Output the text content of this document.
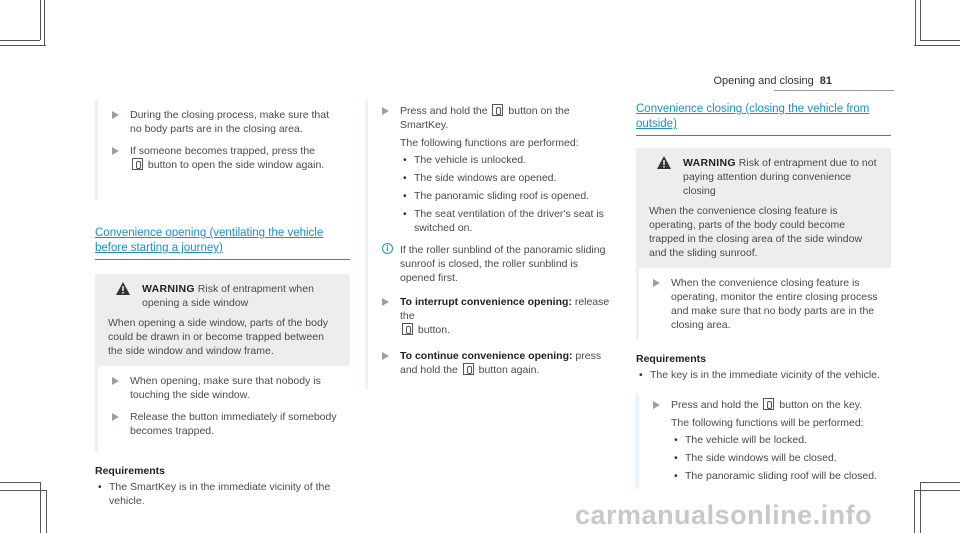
Opening and closing 81
During the closing process, make sure that no body parts are in the closing area.
If someone becomes trapped, press the
button to open the side window again.
Convenience opening (ventilating the vehicle before starting a journey)
WARNING Risk of entrapment when opening a side window
When opening a side window, parts of the body could be drawn in or become trapped between the side window and window frame.
When opening, make sure that nobody is touching the side window.
Release the button immediately if somebody becomes trapped.
Requirements
• The SmartKey is in the immediate vicinity of the vehicle.
Press and hold the button on the SmartKey.
The following functions are performed:
• The vehicle is unlocked.
• The side windows are opened.
• The panoramic sliding roof is opened.
• The seat ventilation of the driver's seat is switched on.
i	If the roller sunblind of the panoramic sliding sunroof is closed, the roller sunblind is opened first.
To interrupt convenience opening: release the
button.
To continue convenience opening: press and hold the button again.
Convenience closing (closing the vehicle from outside)
WARNING Risk of entrapment due to not paying attention during convenience closing
When the convenience closing feature is operating, parts of the body could become trapped in the closing area of the side window and the sliding sunroof.
When the convenience closing feature is operating, monitor the entire closing process and make sure that no body parts are in the closing area.
Requirements
• The key is in the immediate vicinity of the vehicle.
Press and hold the button on the key.
The following functions will be performed:
• The vehicle will be locked.
• The side windows will be closed.
• The panoramic sliding roof will be closed.
carmanualsonline.info
